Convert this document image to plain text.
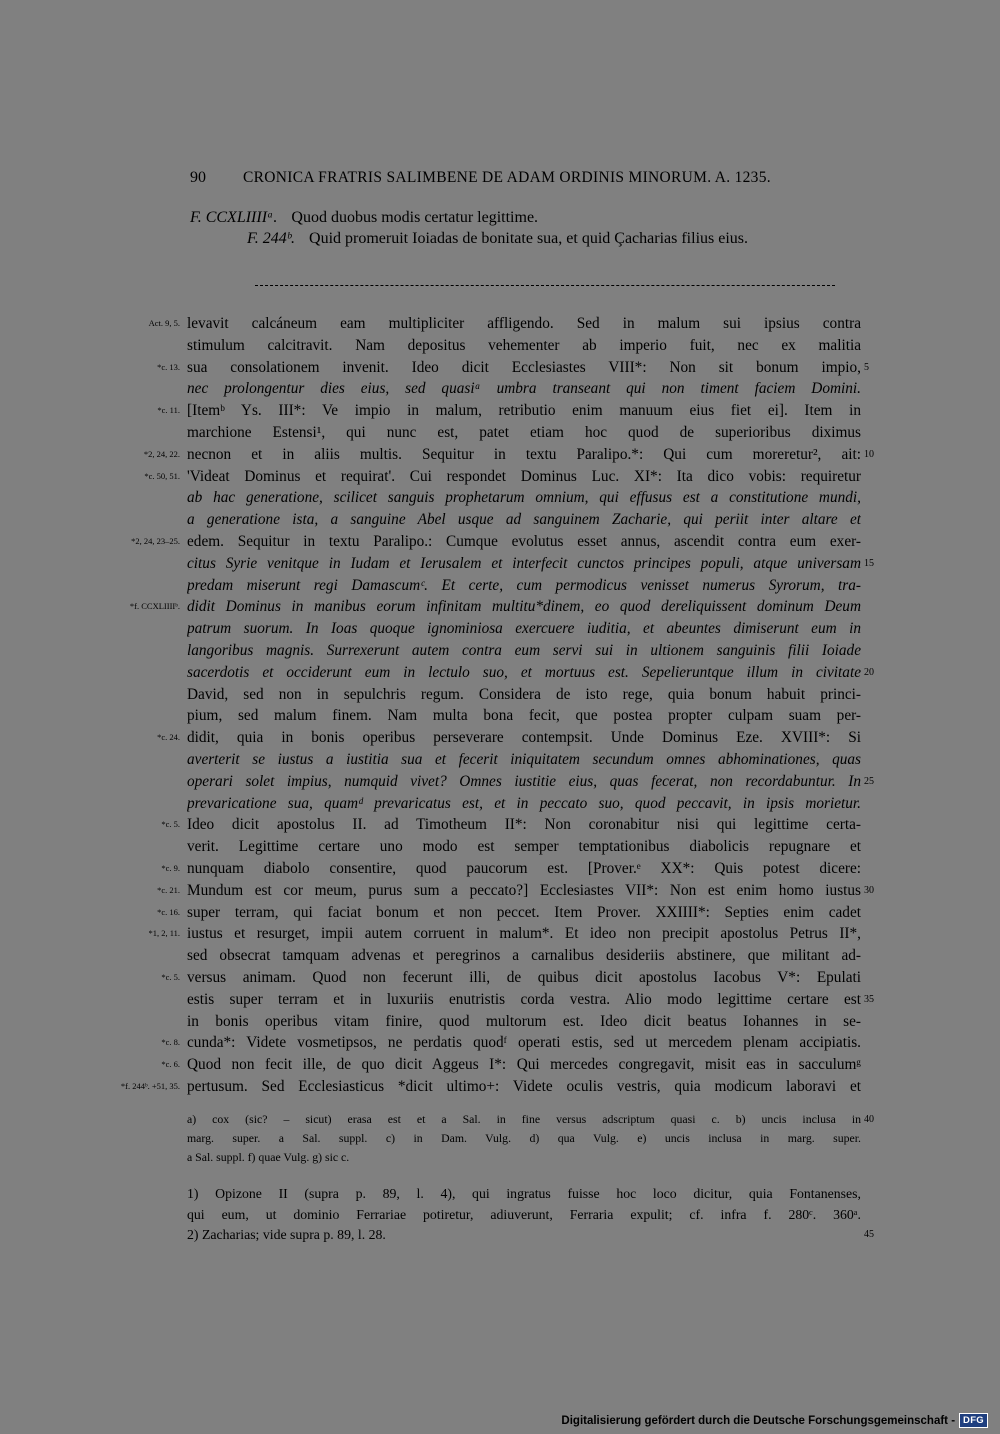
90 CRONICA FRATRIS SALIMBENE DE ADAM ORDINIS MINORUM. A. 1235.
F. CCXLIIIIᵃ. Quod duobus modis certatur legittime.
F. 244ᵇ. Quid promeruit Ioiadas de bonitate sua, et quid Çacharias filius eius.
Act. 9, 5.
*c. 13.
*c. 11.
*2, 24, 22.
*c. 50, 51.
*2, 24, 23–25.
*f. CCXLIIIIᵇ.
*c. 24.
*c. 5.
*c. 9.
*c. 21.
*c. 16.
*1, 2, 11.
*c. 5.
*c. 8.
*c. 6.
*f. 244ᵇ. +51, 35.
levavit calcáneum eam multipliciter affligendo. Sed in malum sui ipsius contra
stimulum calcitravit. Nam depositus vehementer ab imperio fuit, nec ex malitia
sua consolationem invenit. Ideo dicit Ecclesiastes VIII*: Non sit bonum impio,
nec prolongentur dies eius, sed quasiᵃ umbra transeant qui non timent faciem Domini.
[Itemᵇ Ys. III*: Ve impio in malum, retributio enim manuum eius fiet ei]. Item in
marchione Estensi¹, qui nunc est, patet etiam hoc quod de superioribus diximus
necnon et in aliis multis. Sequitur in textu Paralipo.*: Qui cum moreretur², ait:
'Videat Dominus et requirat'. Cui respondet Dominus Luc. XI*: Ita dico vobis: requiretur
ab hac generatione, scilicet sanguis prophetarum omnium, qui effusus est a constitutione mundi,
a generatione ista, a sanguine Abel usque ad sanguinem Zacharie, qui periit inter altare et
edem. Sequitur in textu Paralipo.: Cumque evolutus esset annus, ascendit contra eum exer-
citus Syrie venitque in Iudam et Ierusalem et interfecit cunctos principes populi, atque universam
predam miserunt regi Damascumᶜ. Et certe, cum permodicus venisset numerus Syrorum, tra-
didit Dominus in manibus eorum infinitam multitu*dinem, eo quod dereliquissent dominum Deum
patrum suorum. In Ioas quoque ignominiosa exercuere iuditia, et abeuntes dimiserunt eum in
langoribus magnis. Surrexerunt autem contra eum servi sui in ultionem sanguinis filii Ioiade
sacerdotis et occiderunt eum in lectulo suo, et mortuus est. Sepelieruntque illum in civitate
David, sed non in sepulchris regum. Considera de isto rege, quia bonum habuit princi-
pium, sed malum finem. Nam multa bona fecit, que postea propter culpam suam per-
didit, quia in bonis operibus perseverare contempsit. Unde Dominus Eze. XVIII*: Si
averterit se iustus a iustitia sua et fecerit iniquitatem secundum omnes abhominationes, quas
operari solet impius, numquid vivet? Omnes iustitie eius, quas fecerat, non recordabuntur. In
prevaricatione sua, quamᵈ prevaricatus est, et in peccato suo, quod peccavit, in ipsis morietur.
Ideo dicit apostolus II. ad Timotheum II*: Non coronabitur nisi qui legittime certa-
verit. Legittime certare uno modo est semper temptationibus diabolicis repugnare et
nunquam diabolo consentire, quod paucorum est. [Prover.ᵉ XX*: Quis potest dicere:
Mundum est cor meum, purus sum a peccato?] Ecclesiastes VII*: Non est enim homo iustus
super terram, qui faciat bonum et non peccet. Item Prover. XXIIII*: Septies enim cadet
iustus et resurget, impii autem corruent in malum*. Et ideo non precipit apostolus Petrus II*,
sed obsecrat tamquam advenas et peregrinos a carnalibus desideriis abstinere, que militant ad-
versus animam. Quod non fecerunt illi, de quibus dicit apostolus Iacobus V*: Epulati
estis super terram et in luxuriis enutristis corda vestra. Alio modo legittime certare est
in bonis operibus vitam finire, quod multorum est. Ideo dicit beatus Iohannes in se-
cunda*: Videte vosmetipsos, ne perdatis quodᶠ operati estis, sed ut mercedem plenam accipiatis.
Quod non fecit ille, de quo dicit Aggeus I*: Qui mercedes congregavit, misit eas in sacculumᵍ
pertusum. Sed Ecclesiasticus *dicit ultimo+: Videte oculis vestris, quia modicum laboravi et
5
10
15
20
25
30
35
a) cox (sic? – sicut) erasa est et a Sal. in fine versus adscriptum quasi c. b) uncis inclusa in
marg. super. a Sal. suppl. c) in Dam. Vulg. d) qua Vulg. e) uncis inclusa in marg. super.
a Sal. suppl. f) quae Vulg. g) sic c.
40
1) Opizone II (supra p. 89, l. 4), qui ingratus fuisse hoc loco dicitur, quia Fontanenses,
qui eum, ut dominio Ferrariae potiretur, adiuverunt, Ferraria expulit; cf. infra f. 280ᶜ. 360ᵃ.
2) Zacharias; vide supra p. 89, l. 28.	45
Digitalisierung gefördert durch die Deutsche Forschungsgemeinschaft - DFG
